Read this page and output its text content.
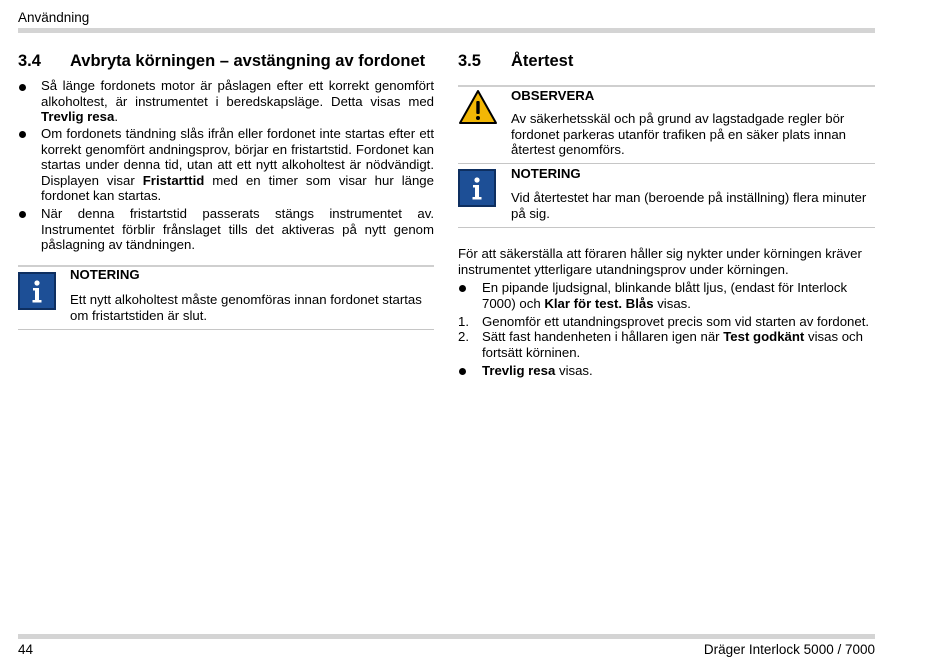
Användning
3.4 Avbryta körningen – avstängning av fordonet
Så länge fordonets motor är påslagen efter ett korrekt genomfört alkoholtest, är instrumentet i beredskapsläge. Detta visas med Trevlig resa.
Om fordonets tändning slås ifrån eller fordonet inte startas efter ett korrekt genomfört andningsprov, börjar en fristartstid. Fordonet kan startas under denna tid, utan att ett nytt alkoholtest är nödvändigt. Displayen visar Fristarttid med en timer som visar hur länge fordonet kan startas.
När denna fristartstid passerats stängs instrumentet av. Instrumentet förblir frånslaget tills det aktiveras på nytt genom påslagning av tändningen.
NOTERING
Ett nytt alkoholtest måste genomföras innan fordonet startas om fristartstiden är slut.
3.5 Återtest
OBSERVERA
Av säkerhetsskäl och på grund av lagstadgade regler bör fordonet parkeras utanför trafiken på en säker plats innan återtest genomförs.
NOTERING
Vid återtestet har man (beroende på inställning) flera minuter på sig.
För att säkerställa att föraren håller sig nykter under körningen kräver instrumentet ytterligare utandningsprov under körningen.
En pipande ljudsignal, blinkande blått ljus, (endast för Interlock 7000) och Klar för test. Blås visas.
1. Genomför ett utandningsprovet precis som vid starten av fordonet.
2. Sätt fast handenheten i hållaren igen när Test godkänt visas och fortsätt körninen.
Trevlig resa visas.
44	Dräger Interlock 5000 / 7000
